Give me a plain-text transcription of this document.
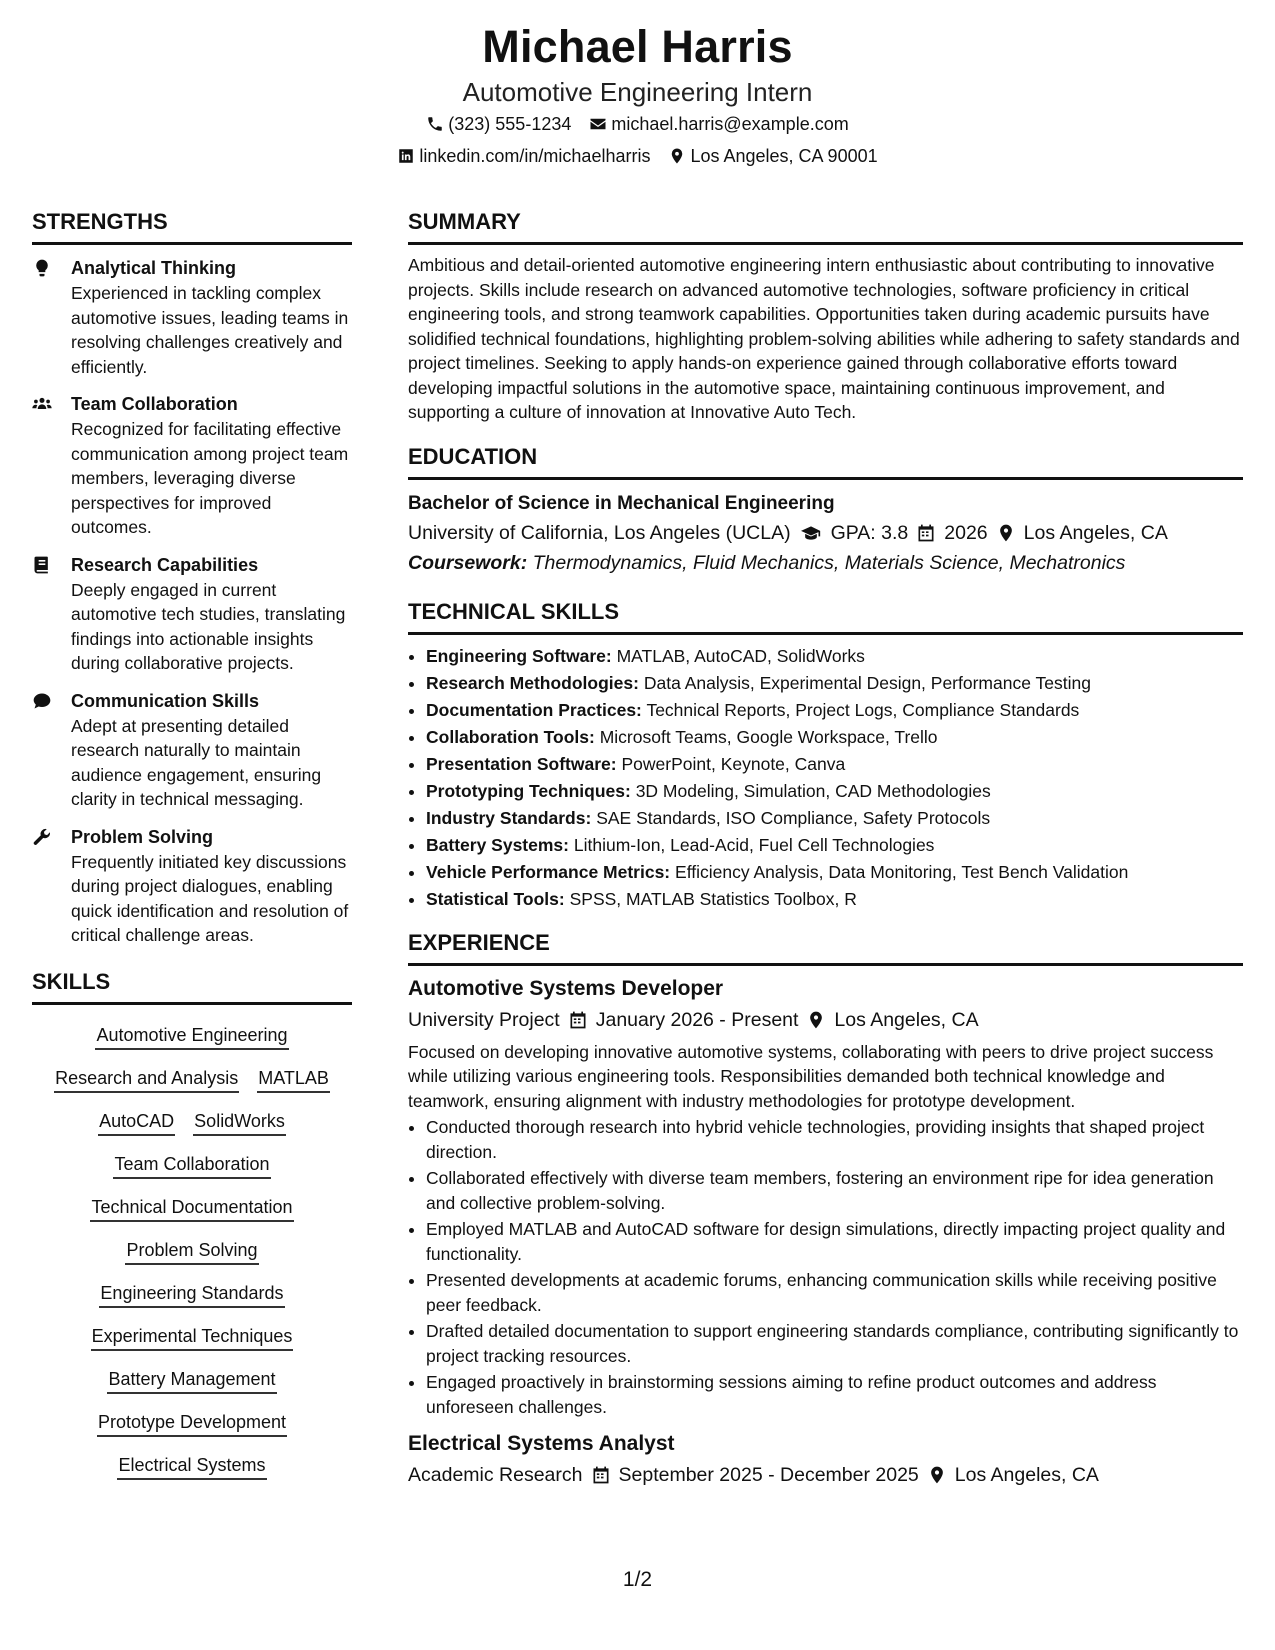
Michael Harris
Automotive Engineering Intern
(323) 555-1234 michael.harris@example.com
linkedin.com/in/michaelharris Los Angeles, CA 90001
STRENGTHS
Analytical Thinking
Experienced in tackling complex automotive issues, leading teams in resolving challenges creatively and efficiently.
Team Collaboration
Recognized for facilitating effective communication among project team members, leveraging diverse perspectives for improved outcomes.
Research Capabilities
Deeply engaged in current automotive tech studies, translating findings into actionable insights during collaborative projects.
Communication Skills
Adept at presenting detailed research naturally to maintain audience engagement, ensuring clarity in technical messaging.
Problem Solving
Frequently initiated key discussions during project dialogues, enabling quick identification and resolution of critical challenge areas.
SKILLS
Automotive Engineering
Research and Analysis MATLAB
AutoCAD SolidWorks
Team Collaboration
Technical Documentation
Problem Solving
Engineering Standards
Experimental Techniques
Battery Management
Prototype Development
Electrical Systems
SUMMARY
Ambitious and detail-oriented automotive engineering intern enthusiastic about contributing to innovative projects. Skills include research on advanced automotive technologies, software proficiency in critical engineering tools, and strong teamwork capabilities. Opportunities taken during academic pursuits have solidified technical foundations, highlighting problem-solving abilities while adhering to safety standards and project timelines. Seeking to apply hands-on experience gained through collaborative efforts toward developing impactful solutions in the automotive space, maintaining continuous improvement, and supporting a culture of innovation at Innovative Auto Tech.
EDUCATION
Bachelor of Science in Mechanical Engineering
University of California, Los Angeles (UCLA) GPA: 3.8 2026 Los Angeles, CA
Coursework: Thermodynamics, Fluid Mechanics, Materials Science, Mechatronics
TECHNICAL SKILLS
• Engineering Software: MATLAB, AutoCAD, SolidWorks
• Research Methodologies: Data Analysis, Experimental Design, Performance Testing
• Documentation Practices: Technical Reports, Project Logs, Compliance Standards
• Collaboration Tools: Microsoft Teams, Google Workspace, Trello
• Presentation Software: PowerPoint, Keynote, Canva
• Prototyping Techniques: 3D Modeling, Simulation, CAD Methodologies
• Industry Standards: SAE Standards, ISO Compliance, Safety Protocols
• Battery Systems: Lithium-Ion, Lead-Acid, Fuel Cell Technologies
• Vehicle Performance Metrics: Efficiency Analysis, Data Monitoring, Test Bench Validation
• Statistical Tools: SPSS, MATLAB Statistics Toolbox, R
EXPERIENCE
Automotive Systems Developer
University Project January 2026 - Present Los Angeles, CA
Focused on developing innovative automotive systems, collaborating with peers to drive project success while utilizing various engineering tools. Responsibilities demanded both technical knowledge and teamwork, ensuring alignment with industry methodologies for prototype development.
• Conducted thorough research into hybrid vehicle technologies, providing insights that shaped project direction.
• Collaborated effectively with diverse team members, fostering an environment ripe for idea generation and collective problem-solving.
• Employed MATLAB and AutoCAD software for design simulations, directly impacting project quality and functionality.
• Presented developments at academic forums, enhancing communication skills while receiving positive peer feedback.
• Drafted detailed documentation to support engineering standards compliance, contributing significantly to project tracking resources.
• Engaged proactively in brainstorming sessions aiming to refine product outcomes and address unforeseen challenges.
Electrical Systems Analyst
Academic Research September 2025 - December 2025 Los Angeles, CA
1/2
